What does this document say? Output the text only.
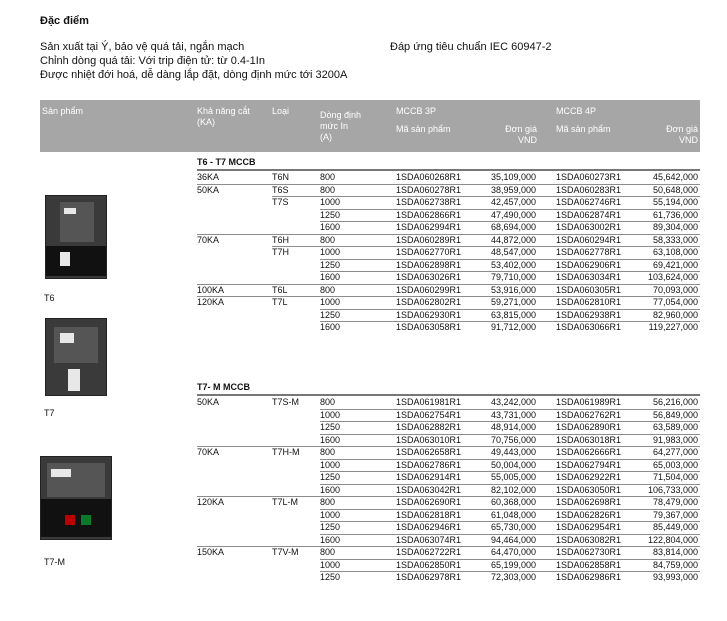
Đặc điểm
Sản xuất tại Ý, bảo vệ quá tải, ngắn mạch
Chỉnh dòng quá tải: Với trip điện tử: từ 0.4-1In
Được nhiệt đới hoá, dễ dàng lắp đặt, dòng định mức tới 3200A
Đáp ứng tiêu chuẩn IEC 60947-2
Sản phẩm	Khả năng cắt
(KA)
Loại	Dòng định
mức In
(A)
MCCB 3P
Mã sản phẩm	Đơn giá
VND
MCCB 4P
Mã sản phẩm	Đơn giá
VND
T6
T7
T7-M
T6 - T7 MCCB
36KA	T6N	800	1SDA060268R1	35,109,000 1SDA060273R1	45,642,000
50KA	T6S	800	1SDA060278R1	38,959,000 1SDA060283R1	50,648,000
T7S	1000	1SDA062738R1	42,457,000 1SDA062746R1	55,194,000
1250	1SDA062866R1	47,490,000 1SDA062874R1	61,736,000
1600	1SDA062994R1	68,694,000 1SDA063002R1	89,304,000
70KA	T6H	800	1SDA060289R1	44,872,000 1SDA060294R1	58,333,000
T7H	1000	1SDA062770R1	48,547,000 1SDA062778R1	63,108,000
1250	1SDA062898R1	53,402,000 1SDA062906R1	69,421,000
1600	1SDA063026R1	79,710,000 1SDA063034R1	103,624,000
100KA	T6L	800	1SDA060299R1	53,916,000 1SDA060305R1	70,093,000
120KA	T7L	1000	1SDA062802R1	59,271,000 1SDA062810R1	77,054,000
1250	1SDA062930R1	63,815,000 1SDA062938R1	82,960,000
1600	1SDA063058R1	91,712,000 1SDA063066R1	119,227,000
T7- M MCCB
50KA	T7S-M	800	1SDA061981R1	43,242,000 1SDA061989R1	56,216,000
1000	1SDA062754R1	43,731,000 1SDA062762R1	56,849,000
1250	1SDA062882R1	48,914,000 1SDA062890R1	63,589,000
1600	1SDA063010R1	70,756,000 1SDA063018R1	91,983,000
70KA	T7H-M	800	1SDA062658R1	49,443,000 1SDA062666R1	64,277,000
1000	1SDA062786R1	50,004,000 1SDA062794R1	65,003,000
1250	1SDA062914R1	55,005,000 1SDA062922R1	71,504,000
1600	1SDA063042R1	82,102,000 1SDA063050R1	106,733,000
120KA	T7L-M	800	1SDA062690R1	60,368,000 1SDA062698R1	78,479,000
1000	1SDA062818R1	61,048,000 1SDA062826R1	79,367,000
1250	1SDA062946R1	65,730,000 1SDA062954R1	85,449,000
1600	1SDA063074R1	94,464,000 1SDA063082R1	122,804,000
150KA	T7V-M	800	1SDA062722R1	64,470,000 1SDA062730R1	83,814,000
1000	1SDA062850R1	65,199,000 1SDA062858R1	84,759,000
1250	1SDA062978R1	72,303,000 1SDA062986R1	93,993,000
